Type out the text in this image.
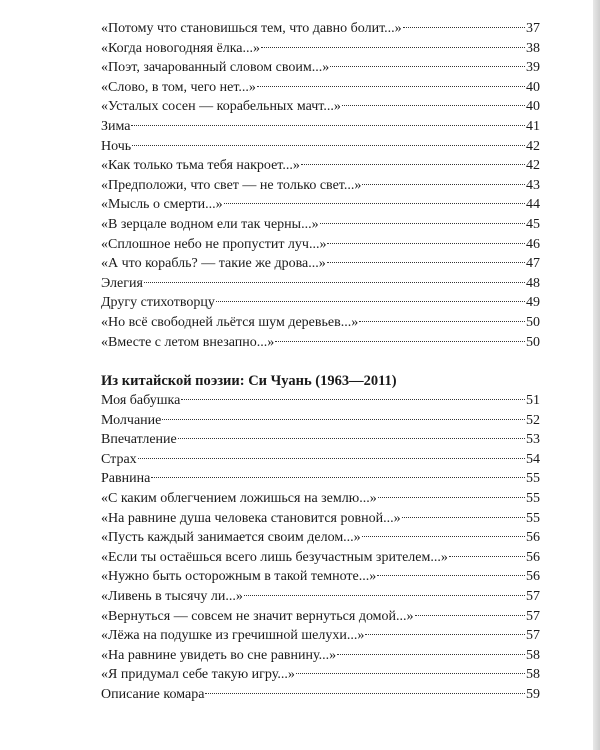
«Потому что становишься тем, что давно болит...»	37
«Когда новогодняя ёлка...»	38
«Поэт, зачарованный словом своим...»	39
«Слово, в том, чего нет...»	40
«Усталых сосен — корабельных мачт...»	40
Зима	41
Ночь	42
«Как только тьма тебя накроет...»	42
«Предположи, что свет — не только свет...»	43
«Мысль о смерти...»	44
«В зерцале водном ели так черны...»	45
«Сплошное небо не пропустит луч...»	46
«А что корабль? — такие же дрова...»	47
Элегия	48
Другу стихотворцу	49
«Но всё свободней льётся шум деревьев...»	50
«Вместе с летом внезапно...»	50
Из китайской поэзии: Си Чуань (1963—2011)
Моя бабушка	51
Молчание	52
Впечатление	53
Страх	54
Равнина	55
«С каким облегчением ложишься на землю...»	55
«На равнине душа человека становится ровной...»	55
«Пусть каждый занимается своим делом...»	56
«Если ты остаёшься всего лишь безучастным зрителем...»	56
«Нужно быть осторожным в такой темноте...»	56
«Ливень в тысячу ли...»	57
«Вернуться — совсем не значит вернуться домой...»	57
«Лёжа на подушке из гречишной шелухи...»	57
«На равнине увидеть во сне равнину...»	58
«Я придумал себе такую игру...»	58
Описание комара	59
